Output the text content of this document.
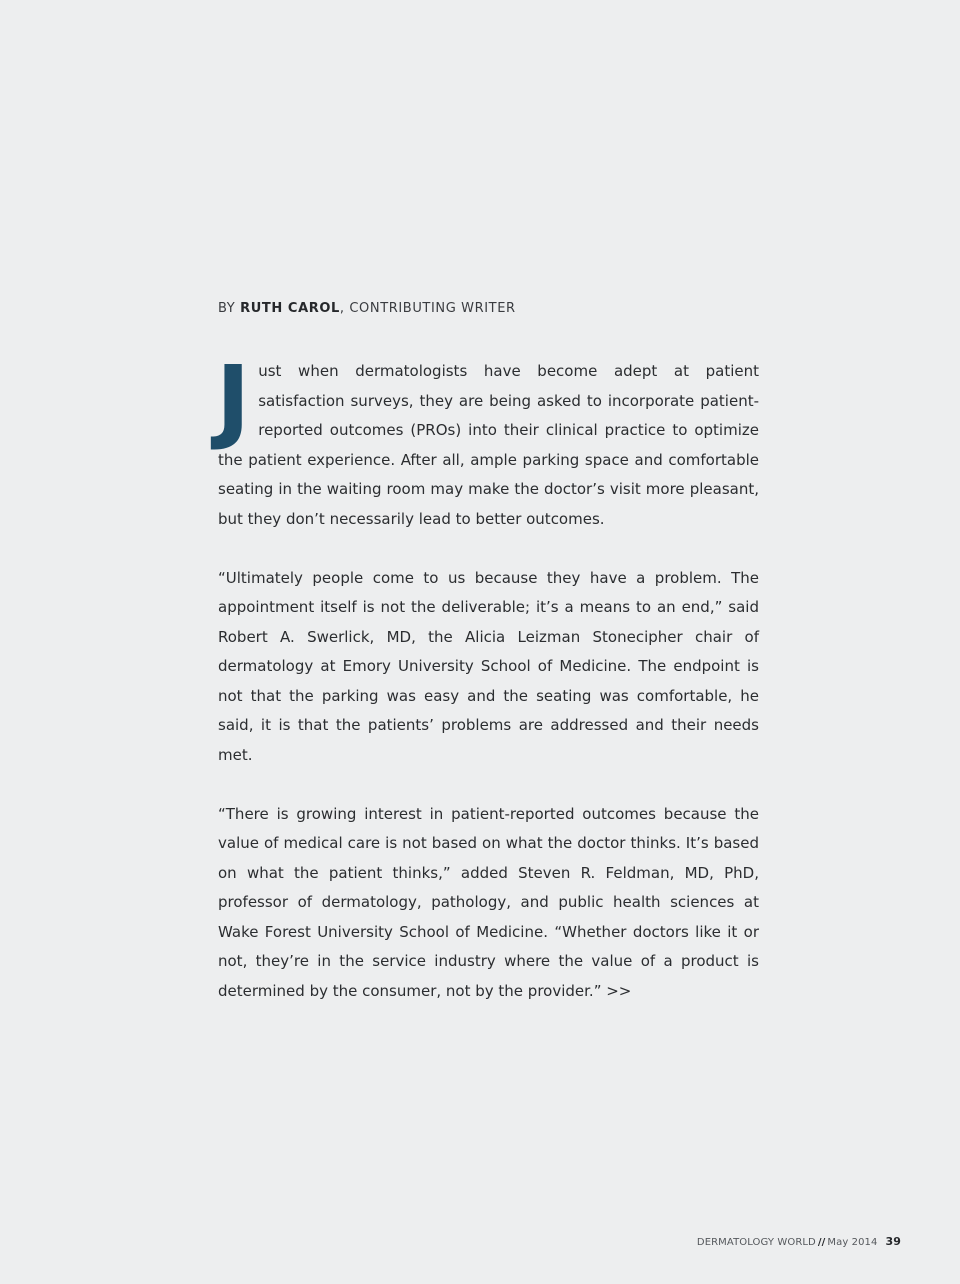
BY RUTH CAROL, CONTRIBUTING WRITER

Just when dermatologists have become adept at patient satisfaction surveys, they are being asked to incorporate patient-reported outcomes (PROs) into their clinical practice to optimize the patient experience. After all, ample parking space and comfortable seating in the waiting room may make the doctor’s visit more pleasant, but they don’t necessarily lead to better outcomes.

“Ultimately people come to us because they have a problem. The appointment itself is not the deliverable; it’s a means to an end,” said Robert A. Swerlick, MD, the Alicia Leizman Stonecipher chair of dermatology at Emory University School of Medicine. The endpoint is not that the parking was easy and the seating was comfortable, he said, it is that the patients’ problems are addressed and their needs met.

“There is growing interest in patient-reported outcomes because the value of medical care is not based on what the doctor thinks. It’s based on what the patient thinks,” added Steven R. Feldman, MD, PhD, professor of dermatology, pathology, and public health sciences at Wake Forest University School of Medicine. “Whether doctors like it or not, they’re in the service industry where the value of a product is determined by the consumer, not by the provider.” >>

DERMATOLOGY WORLD // May 2014 39
